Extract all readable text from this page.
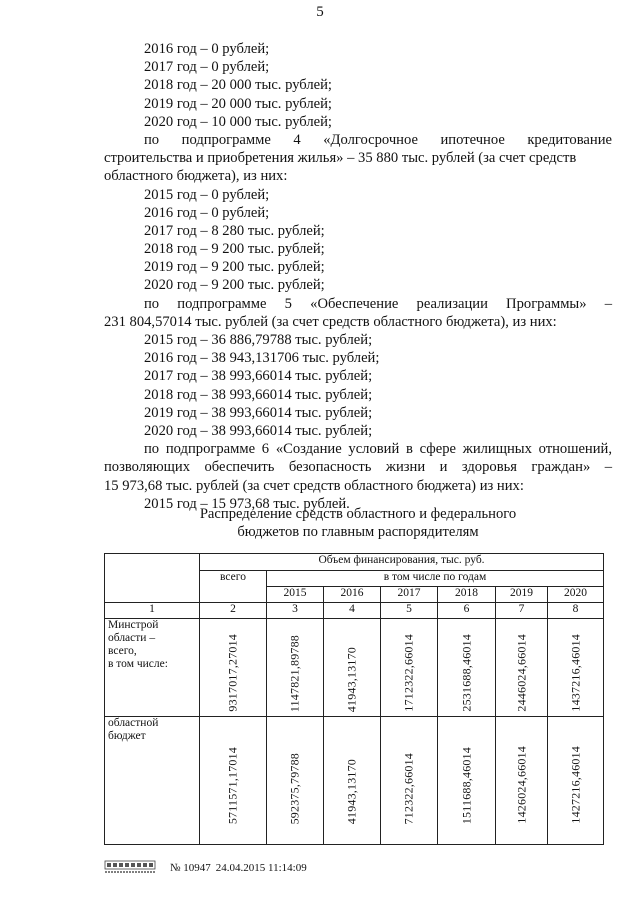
5
2016 год – 0 рублей;
2017 год – 0 рублей;
2018 год – 20 000 тыс. рублей;
2019 год – 20 000 тыс. рублей;
2020 год – 10 000 тыс. рублей;
по подпрограмме 4 «Долгосрочное ипотечное кредитование
строительства и приобретения жилья» – 35 880 тыс. рублей (за счет средств
областного бюджета), из них:
2015 год – 0 рублей;
2016 год – 0 рублей;
2017 год – 8 280 тыс. рублей;
2018 год – 9 200 тыс. рублей;
2019 год – 9 200 тыс. рублей;
2020 год – 9 200 тыс. рублей;
по подпрограмме 5 «Обеспечение реализации Программы» –
231 804,57014 тыс. рублей (за счет средств областного бюджета), из них:
2015 год – 36 886,79788 тыс. рублей;
2016 год – 38 943,131706 тыс. рублей;
2017 год – 38 993,66014 тыс. рублей;
2018 год – 38 993,66014 тыс. рублей;
2019 год – 38 993,66014 тыс. рублей;
2020 год – 38 993,66014 тыс. рублей;
по подпрограмме 6 «Создание условий в сфере жилищных отношений,
позволяющих обеспечить безопасность жизни и здоровья граждан» –
15 973,68 тыс. рублей (за счет средств областного бюджета) из них:
2015 год – 15 973,68 тыс. рублей.
Распределение средств областного и федерального
бюджетов по главным распорядителям
	Объем финансирования, тыс. руб.						
	всего	в том числе по годам					
		2015	2016	2017	2018	2019	2020
1	2	3	4	5	6	7	8

Минстрой
области –
всего,
в том числе:	9317017,27014	1147821,89788	41943,13170	1712322,66014	2531688,46014	2446024,66014	1437216,46014

областной
бюджет	5711571,17014	592375,79788	41943,13170	712322,66014	1511688,46014	1426024,66014	1427216,46014
№ 10947 24.04.2015 11:14:09
